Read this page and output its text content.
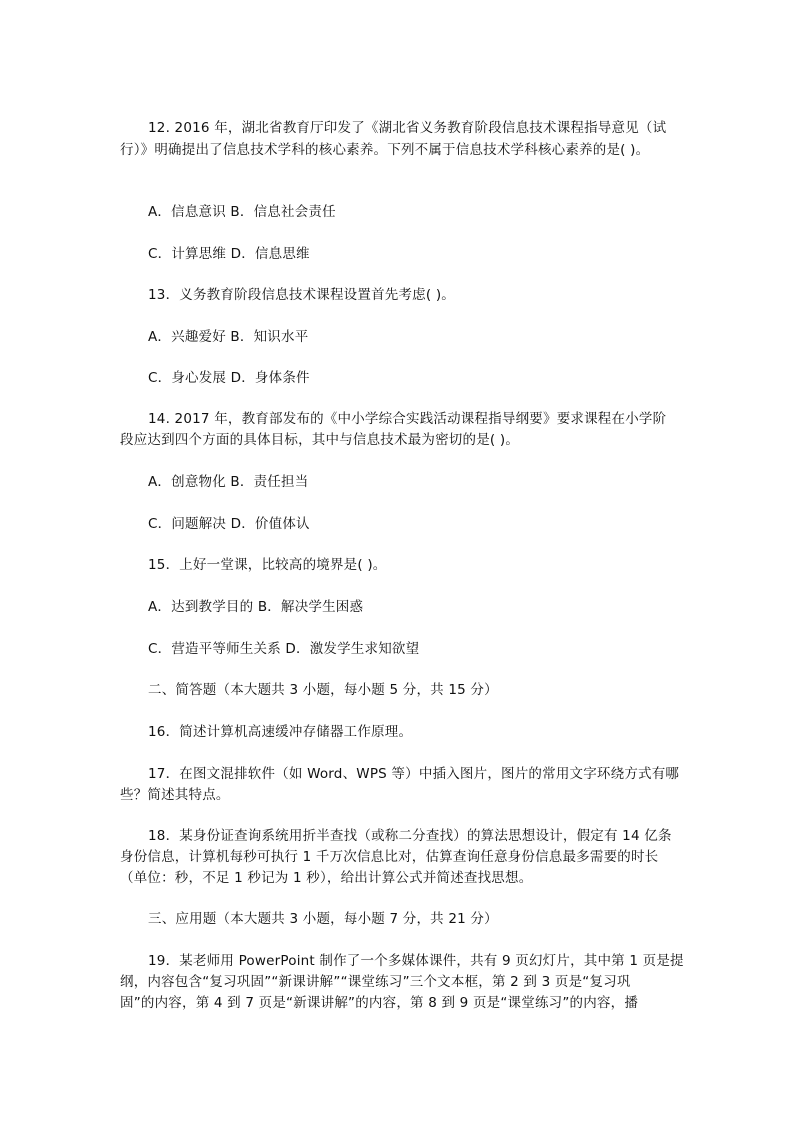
12. 2016 年，湖北省教育厅印发了《湖北省义务教育阶段信息技术课程指导意见（试
行）》明确提出了信息技术学科的核心素养。下列不属于信息技术学科核心素养的是( )。
A．信息意识 B．信息社会责任
C．计算思维 D．信息思维
13．义务教育阶段信息技术课程设置首先考虑( )。
A．兴趣爱好 B．知识水平
C．身心发展 D．身体条件
14. 2017 年，教育部发布的《中小学综合实践活动课程指导纲要》要求课程在小学阶
段应达到四个方面的具体目标，其中与信息技术最为密切的是( )。
A．创意物化 B．责任担当
C．问题解决 D．价值体认
15．上好一堂课，比较高的境界是( )。
A．达到教学目的 B．解决学生困惑
C．营造平等师生关系 D．激发学生求知欲望
二、简答题（本大题共 3 小题，每小题 5 分，共 15 分）
16．简述计算机高速缓冲存储器工作原理。
17．在图文混排软件（如 Word、WPS 等）中插入图片，图片的常用文字环绕方式有哪
些？简述其特点。
18．某身份证查询系统用折半查找（或称二分查找）的算法思想设计，假定有 14 亿条
身份信息，计算机每秒可执行 1 千万次信息比对，估算查询任意身份信息最多需要的时长
（单位：秒，不足 1 秒记为 1 秒），给出计算公式并简述查找思想。
三、应用题（本大题共 3 小题，每小题 7 分，共 21 分）
19．某老师用 PowerPoint 制作了一个多媒体课件，共有 9 页幻灯片，其中第 1 页是提
纲，内容包含“复习巩固”“新课讲解”“课堂练习”三个文本框，第 2 到 3 页是“复习巩
固”的内容，第 4 到 7 页是“新课讲解”的内容，第 8 到 9 页是“课堂练习”的内容，播
